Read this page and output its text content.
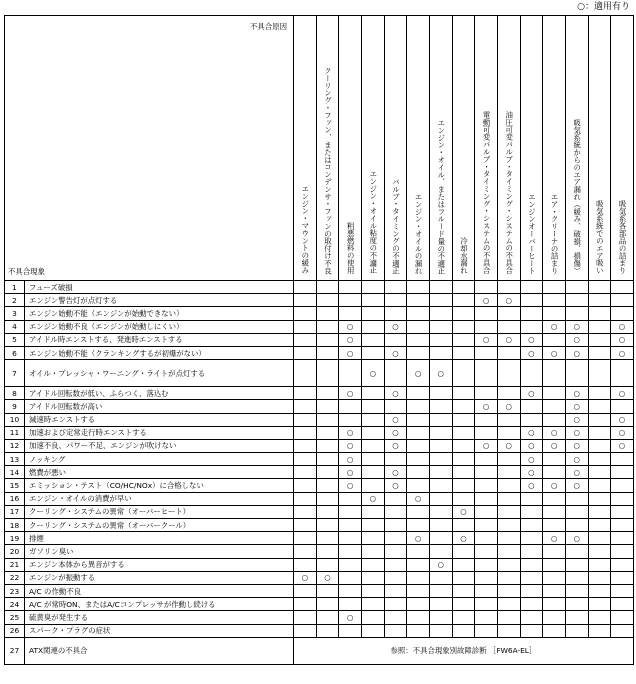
○：適用有り
不具合原因
不具合現象		エンジン・マウントの緩み	クーリング・ファン、またはコンデンサ・ファンの取付け不良	粗悪燃料の使用	エンジン・オイル粘度の不適正	バルブ・タイミングの不適正	エンジン・オイルの漏れ	エンジン・オイル、またはフルード量の不適正	冷却水漏れ	電動可変バルブ・タイミング・システムの不具合	油圧可変バルブ・タイミング・システムの不具合	エンジンオーバーヒート	エア・クリーナの詰まり	吸気系統からのエア漏れ（緩み、破損、損傷）	吸気系統でのエア吸い	吸気系各部品の詰まり
1	フューズ破損															
2	エンジン警告灯が点灯する									○	○					
3	エンジン始動不能（エンジンが始動できない）															
4	エンジン始動不良（エンジンが始動しにくい）			○		○							○	○		○
5	アイドル時エンストする、発進時エンストする			○						○	○	○		○		○
6	エンジン始動不能（クランキングするが初爆がない）			○		○						○	○	○		○
7	オイル・プレッシャ・ワーニング・ライトが点灯する				○		○	○								
8	アイドル回転数が低い、ふらつく、落込む			○		○						○		○		○
9	アイドル回転数が高い									○	○			○		
10	減速時エンストする					○								○		○
11	加速および定常走行時エンストする			○		○						○	○	○		○
12	加速不良、パワー不足、エンジンが吹けない			○		○				○	○	○	○	○		○
13	ノッキング			○								○		○		
14	燃費が悪い			○		○						○		○		
15	エミッション・テスト（CO/HC/NOx）に合格しない			○		○						○	○	○		
16	エンジン・オイルの消費が早い				○		○									
17	クーリング・システムの異常（オーバーヒート）								○							
18	クーリング・システムの異常（オーバークール）															
19	排煙						○		○				○	○		
20	ガソリン臭い															
21	エンジン本体から異音がする							○								
22	エンジンが振動する	○	○													
23	A/C の作動不良															
24	A/C が常時ON、またはA/Cコンプレッサが作動し続ける															
25	硫黄臭が発生する			○												
26	スパーク・プラグの症状															
27	ATX関連の不具合	参照：不具合現象別故障診断 ［FW6A-EL］														
